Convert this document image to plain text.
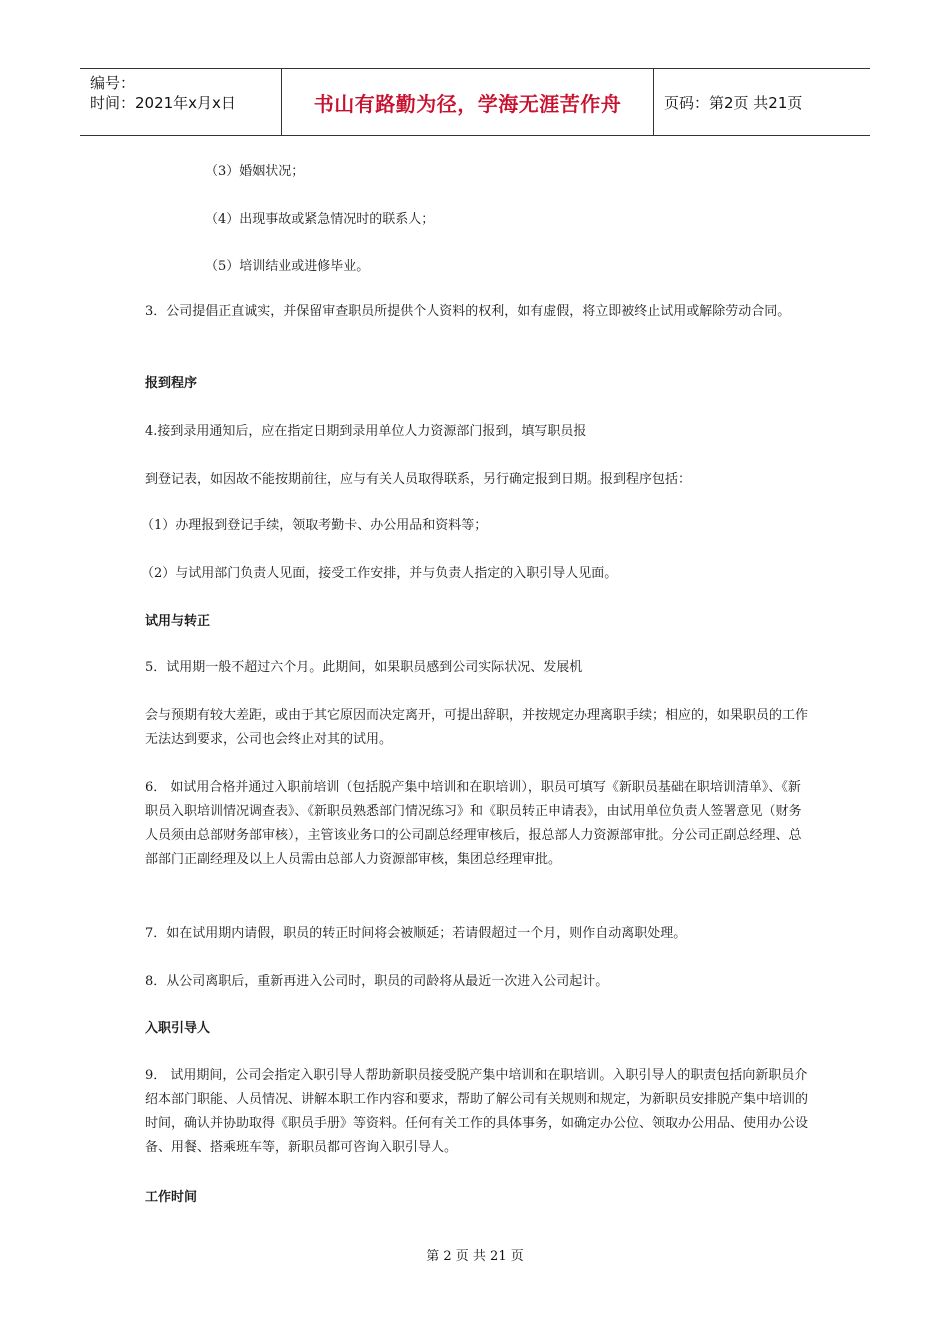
编号：
时间：2021年x月x日	书山有路勤为径，学海无涯苦作舟	页码：第2页 共21页

（3）婚姻状况；

（4）出现事故或紧急情况时的联系人；

（5）培训结业或进修毕业。

3．公司提倡正直诚实，并保留审查职员所提供个人资料的权利，如有虚假，将立即被终止试用或解除劳动合同。

报到程序

4.接到录用通知后，应在指定日期到录用单位人力资源部门报到，填写职员报

到登记表，如因故不能按期前往，应与有关人员取得联系，另行确定报到日期。报到程序包括：

（1）办理报到登记手续，领取考勤卡、办公用品和资料等；

（2）与试用部门负责人见面，接受工作安排，并与负责人指定的入职引导人见面。

试用与转正

5．试用期一般不超过六个月。此期间，如果职员感到公司实际状况、发展机

会与预期有较大差距，或由于其它原因而决定离开，可提出辞职，并按规定办理离职手续；相应的，如果职员的工作无法达到要求，公司也会终止对其的试用。

6． 如试用合格并通过入职前培训（包括脱产集中培训和在职培训），职员可填写《新职员基础在职培训清单》、《新职员入职培训情况调查表》、《新职员熟悉部门情况练习》和《职员转正申请表》，由试用单位负责人签署意见（财务人员须由总部财务部审核），主管该业务口的公司副总经理审核后，报总部人力资源部审批。分公司正副总经理、总部部门正副经理及以上人员需由总部人力资源部审核，集团总经理审批。

7．如在试用期内请假，职员的转正时间将会被顺延；若请假超过一个月，则作自动离职处理。

8．从公司离职后，重新再进入公司时，职员的司龄将从最近一次进入公司起计。

入职引导人

9． 试用期间，公司会指定入职引导人帮助新职员接受脱产集中培训和在职培训。入职引导人的职责包括向新职员介绍本部门职能、人员情况、讲解本职工作内容和要求，帮助了解公司有关规则和规定，为新职员安排脱产集中培训的时间，确认并协助取得《职员手册》等资料。任何有关工作的具体事务，如确定办公位、领取办公用品、使用办公设备、用餐、搭乘班车等，新职员都可咨询入职引导人。

工作时间

第 2 页 共 21 页
